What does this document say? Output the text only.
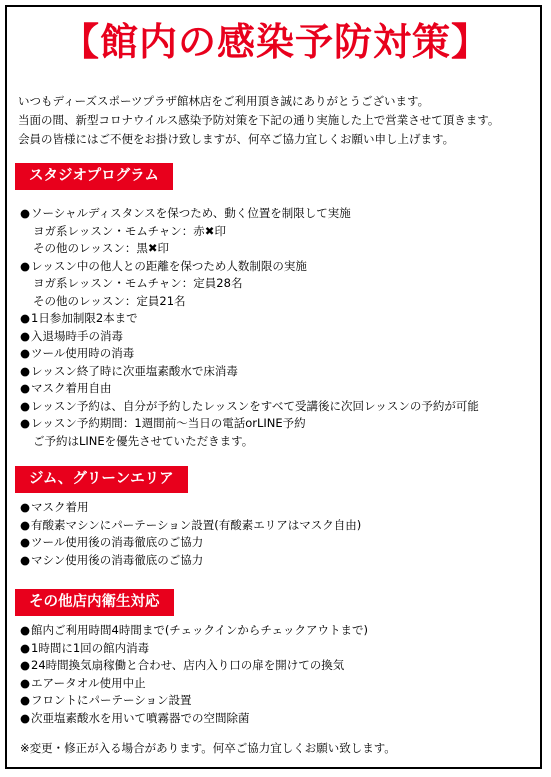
【館内の感染予防対策】
いつもディーズスポーツプラザ館林店をご利用頂き誠にありがとうございます。
当面の間、新型コロナウイルス感染予防対策を下記の通り実施した上で営業させて頂きます。
会員の皆様にはご不便をお掛け致しますが、何卒ご協力宜しくお願い申し上げます。
スタジオプログラム
●ソーシャルディスタンスを保つため、動く位置を制限して実施
ヨガ系レッスン・モムチャン：赤✖印
その他のレッスン：黒✖印
●レッスン中の他人との距離を保つため人数制限の実施
ヨガ系レッスン・モムチャン：定員28名
その他のレッスン：定員21名
●1日参加制限2本まで
●入退場時手の消毒
●ツール使用時の消毒
●レッスン終了時に次亜塩素酸水で床消毒
●マスク着用自由
●レッスン予約は、自分が予約したレッスンをすべて受講後に次回レッスンの予約が可能
●レッスン予約期間：1週間前〜当日の電話orLINE予約
ご予約はLINEを優先させていただきます。
ジム、グリーンエリア
●マスク着用
●有酸素マシンにパーテーション設置(有酸素エリアはマスク自由)
●ツール使用後の消毒徹底のご協力
●マシン使用後の消毒徹底のご協力
その他店内衛生対応
●館内ご利用時間4時間まで(チェックインからチェックアウトまで)
●1時間に1回の館内消毒
●24時間換気扇稼働と合わせ、店内入り口の扉を開けての換気
●エアータオル使用中止
●フロントにパーテーション設置
●次亜塩素酸水を用いて噴霧器での空間除菌
※変更・修正が入る場合があります。何卒ご協力宜しくお願い致します。
